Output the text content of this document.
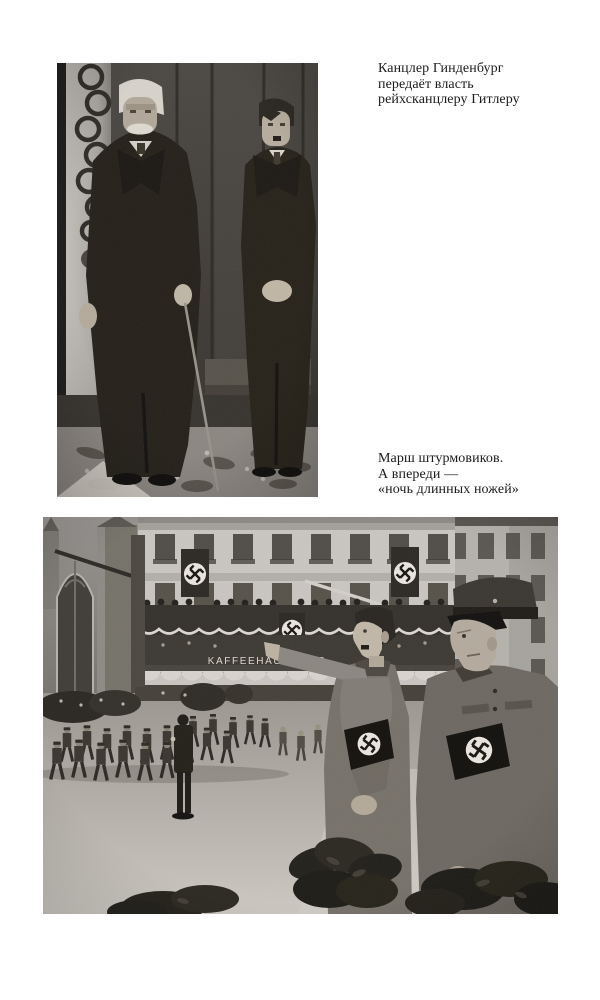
Канцлер Гинденбург
передаёт власть
рейхсканцлеру Гитлеру
Марш штурмовиков.
А впереди —
«ночь длинных ножей»
